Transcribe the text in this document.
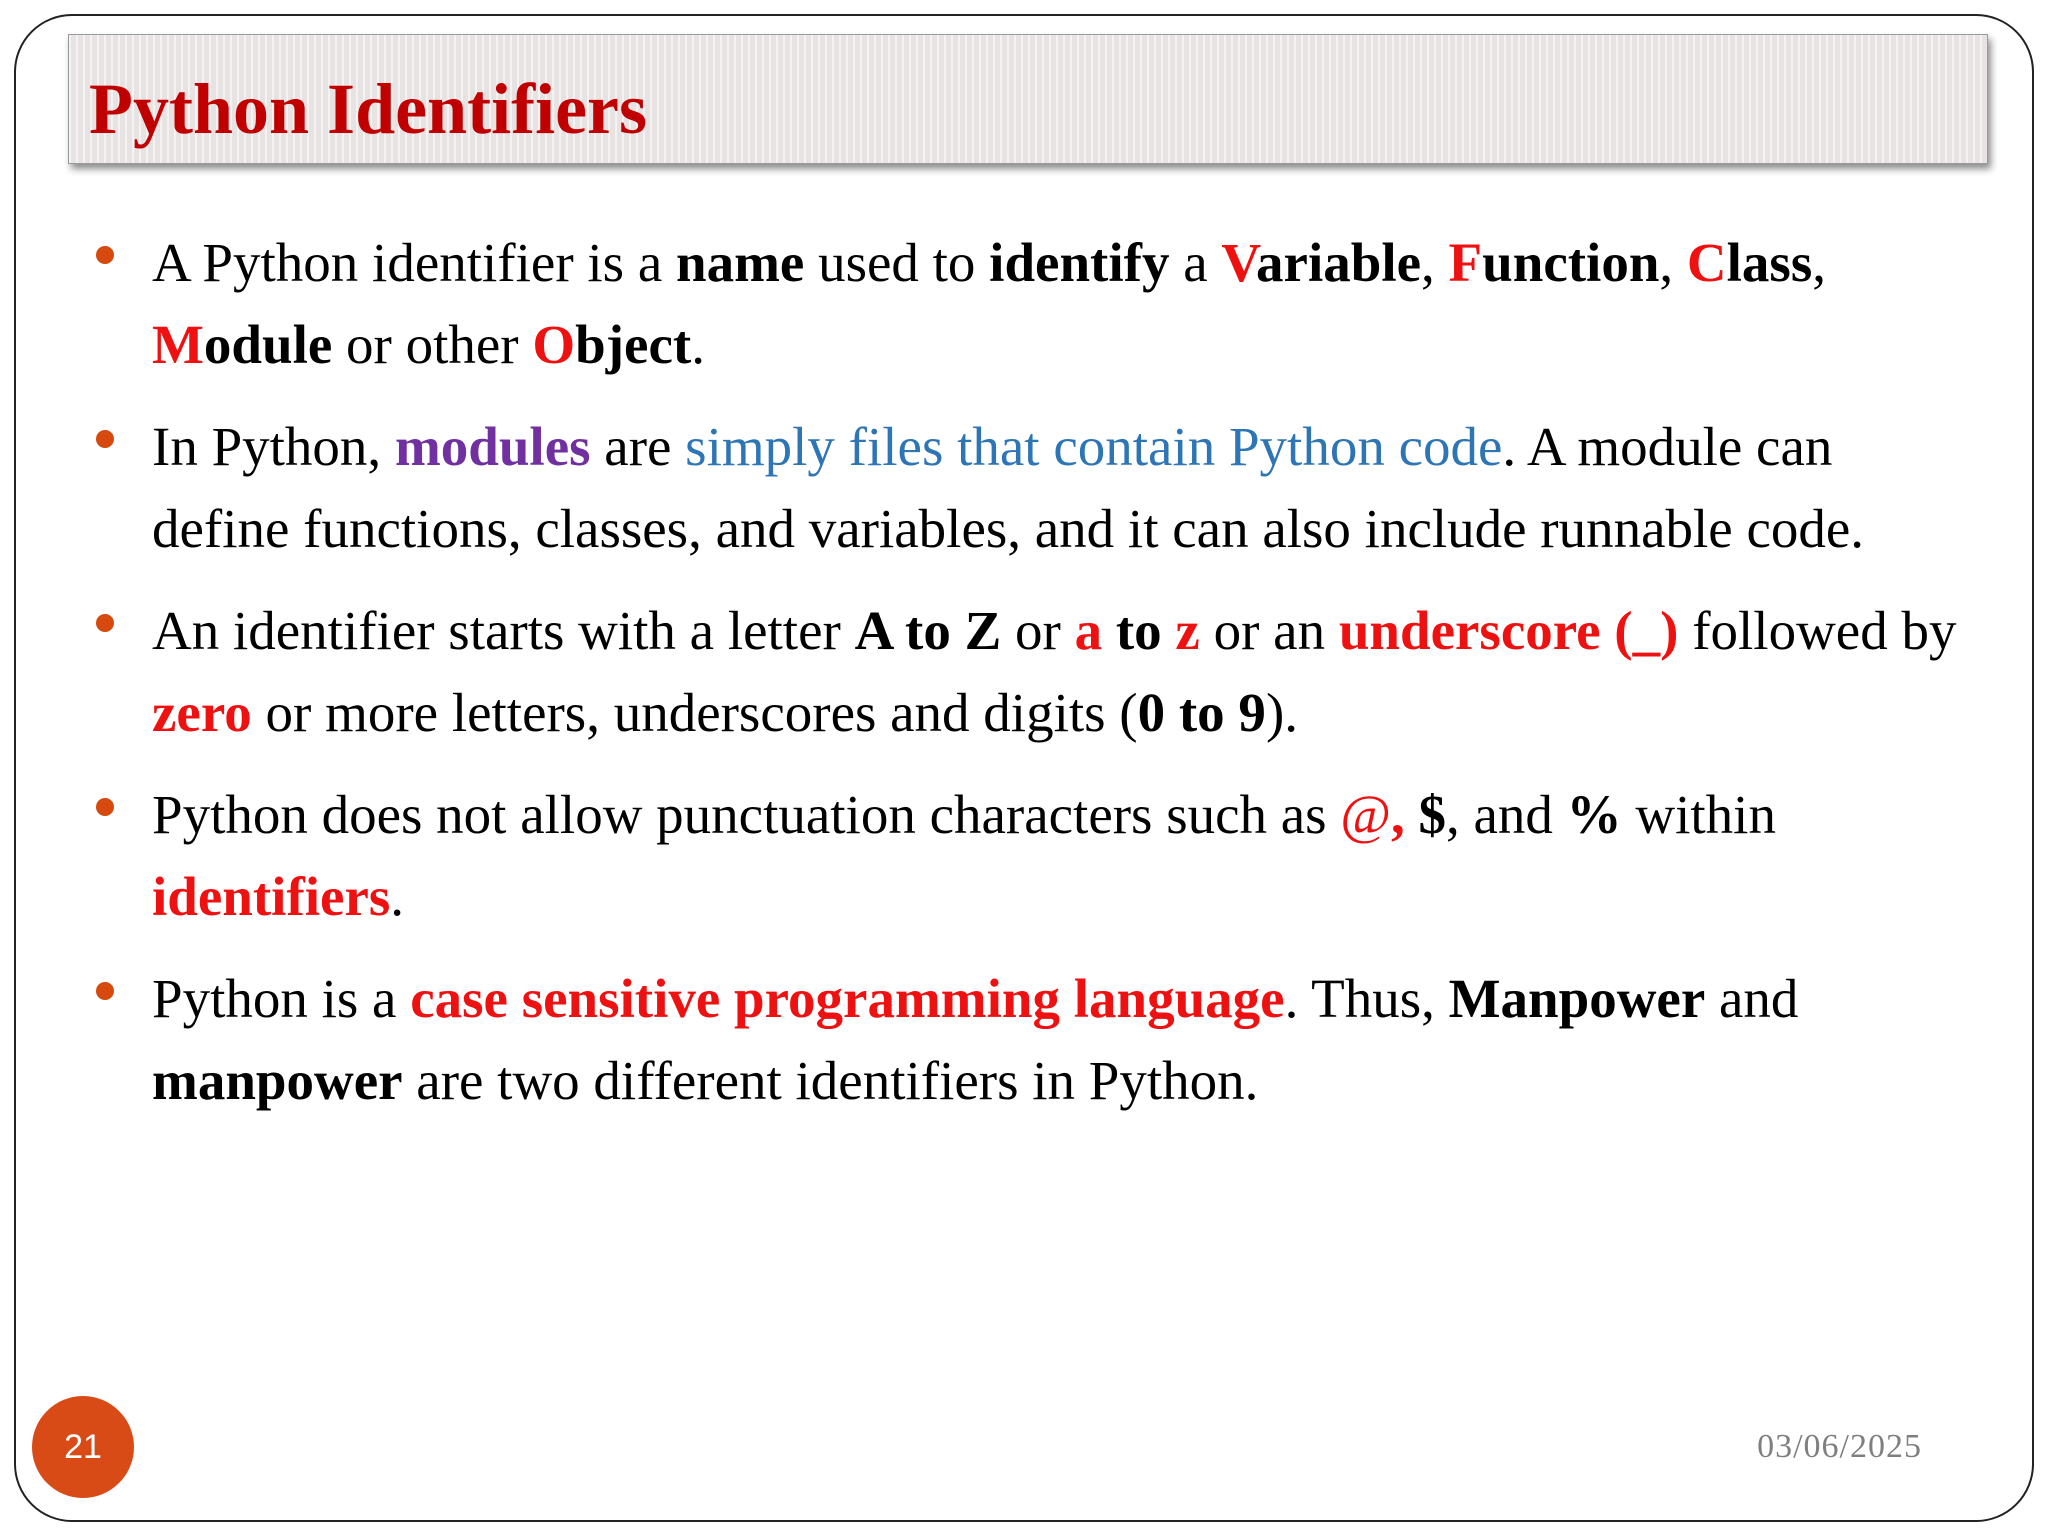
Python Identifiers
A Python identifier is a name used to identify a Variable, Function, Class, Module or other Object.
In Python, modules are simply files that contain Python code. A module can define functions, classes, and variables, and it can also include runnable code.
An identifier starts with a letter A to Z or a to z or an underscore (_) followed by zero or more letters, underscores and digits (0 to 9).
Python does not allow punctuation characters such as @, $, and % within identifiers.
Python is a case sensitive programming language. Thus, Manpower and manpower are two different identifiers in Python.
21	03/06/2025
